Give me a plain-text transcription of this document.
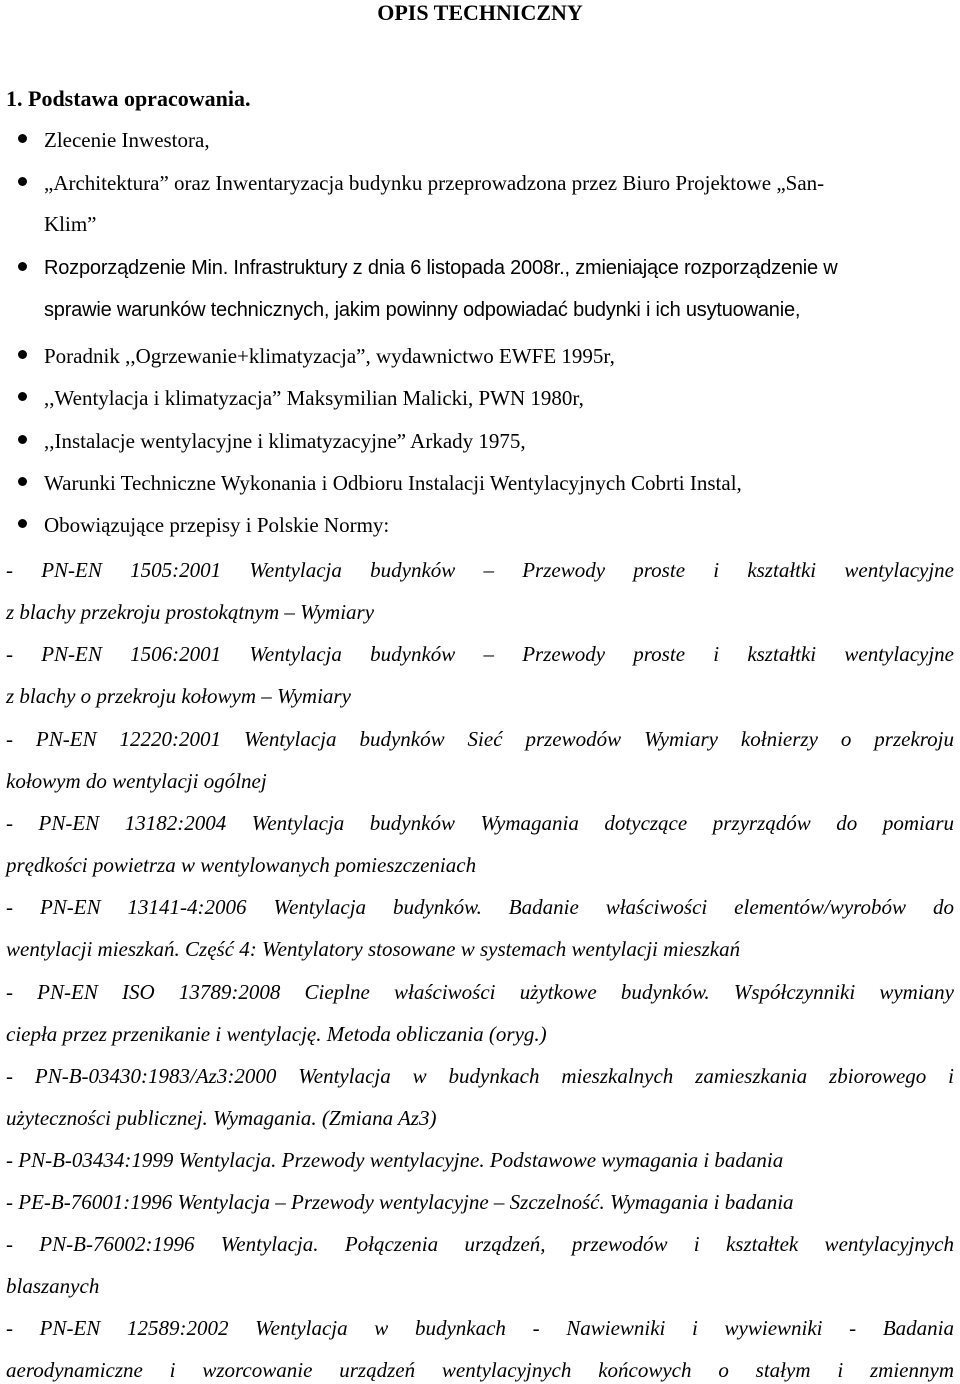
OPIS TECHNICZNY
1. Podstawa opracowania.
Zlecenie Inwestora,
„Architektura” oraz Inwentaryzacja budynku przeprowadzona przez Biuro Projektowe „San-
Klim”
Rozporządzenie Min. Infrastruktury z dnia 6 listopada 2008r., zmieniające rozporządzenie w
sprawie warunków technicznych, jakim powinny odpowiadać budynki i ich usytuowanie,
Poradnik ,,Ogrzewanie+klimatyzacja”, wydawnictwo EWFE 1995r,
,,Wentylacja i klimatyzacja” Maksymilian Malicki, PWN 1980r,
,,Instalacje wentylacyjne i klimatyzacyjne” Arkady 1975,
Warunki Techniczne Wykonania i Odbioru Instalacji Wentylacyjnych Cobrti Instal,
Obowiązujące przepisy i Polskie Normy:
- PN-EN 1505:2001 Wentylacja budynków – Przewody proste i kształtki wentylacyjne
z blachy przekroju prostokątnym – Wymiary
- PN-EN 1506:2001 Wentylacja budynków – Przewody proste i kształtki wentylacyjne
z blachy o przekroju kołowym – Wymiary
- PN-EN 12220:2001 Wentylacja budynków Sieć przewodów Wymiary kołnierzy o przekroju
kołowym do wentylacji ogólnej
- PN-EN 13182:2004 Wentylacja budynków Wymagania dotyczące przyrządów do pomiaru
prędkości powietrza w wentylowanych pomieszczeniach
- PN-EN 13141-4:2006 Wentylacja budynków. Badanie właściwości elementów/wyrobów do
wentylacji mieszkań. Część 4: Wentylatory stosowane w systemach wentylacji mieszkań
- PN-EN ISO 13789:2008 Cieplne właściwości użytkowe budynków. Współczynniki wymiany
ciepła przez przenikanie i wentylację. Metoda obliczania (oryg.)
- PN-B-03430:1983/Az3:2000 Wentylacja w budynkach mieszkalnych zamieszkania zbiorowego i
użyteczności publicznej. Wymagania. (Zmiana Az3)
- PN-B-03434:1999 Wentylacja. Przewody wentylacyjne. Podstawowe wymagania i badania
- PE-B-76001:1996 Wentylacja – Przewody wentylacyjne – Szczelność. Wymagania i badania
- PN-B-76002:1996 Wentylacja. Połączenia urządzeń, przewodów i kształtek wentylacyjnych
blaszanych
- PN-EN 12589:2002 Wentylacja w budynkach - Nawiewniki i wywiewniki - Badania
aerodynamiczne i wzorcowanie urządzeń wentylacyjnych końcowych o stałym i zmiennym
